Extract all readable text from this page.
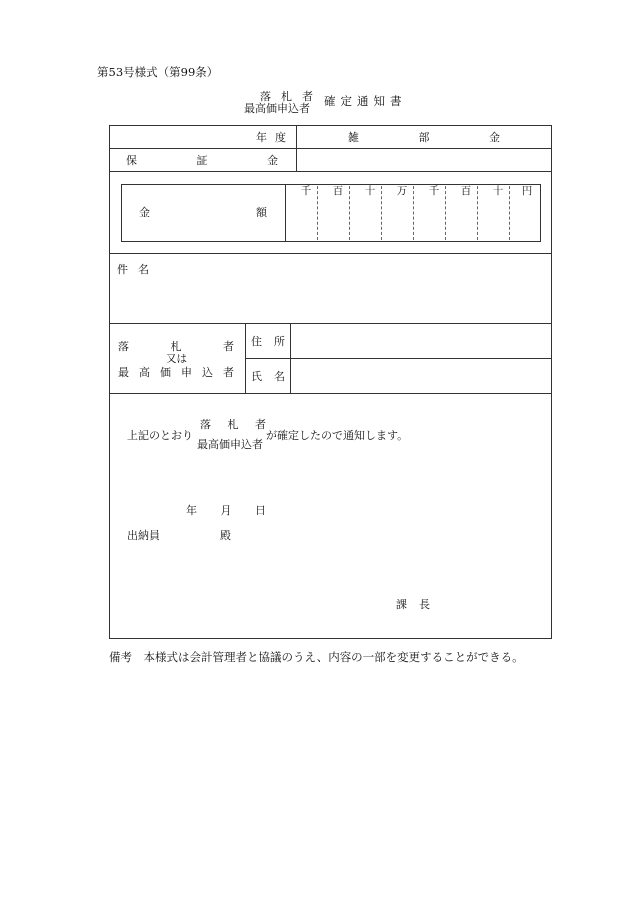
第53号様式（第99条）
落 札 者
最高価申込者
確定通知書
年 度	雑	部	金
保	証	金
千 百 十 万 千 百 十 円
金	額
件 名
落	札	者
又は
最 高 価 申 込 者
住 所
氏 名
上記のとおり
落 札 者
最高価申込者
が確定したので通知します。
年 月 日
出納員	殿
課 長
備考　本様式は会計管理者と協議のうえ、内容の一部を変更することができる。
